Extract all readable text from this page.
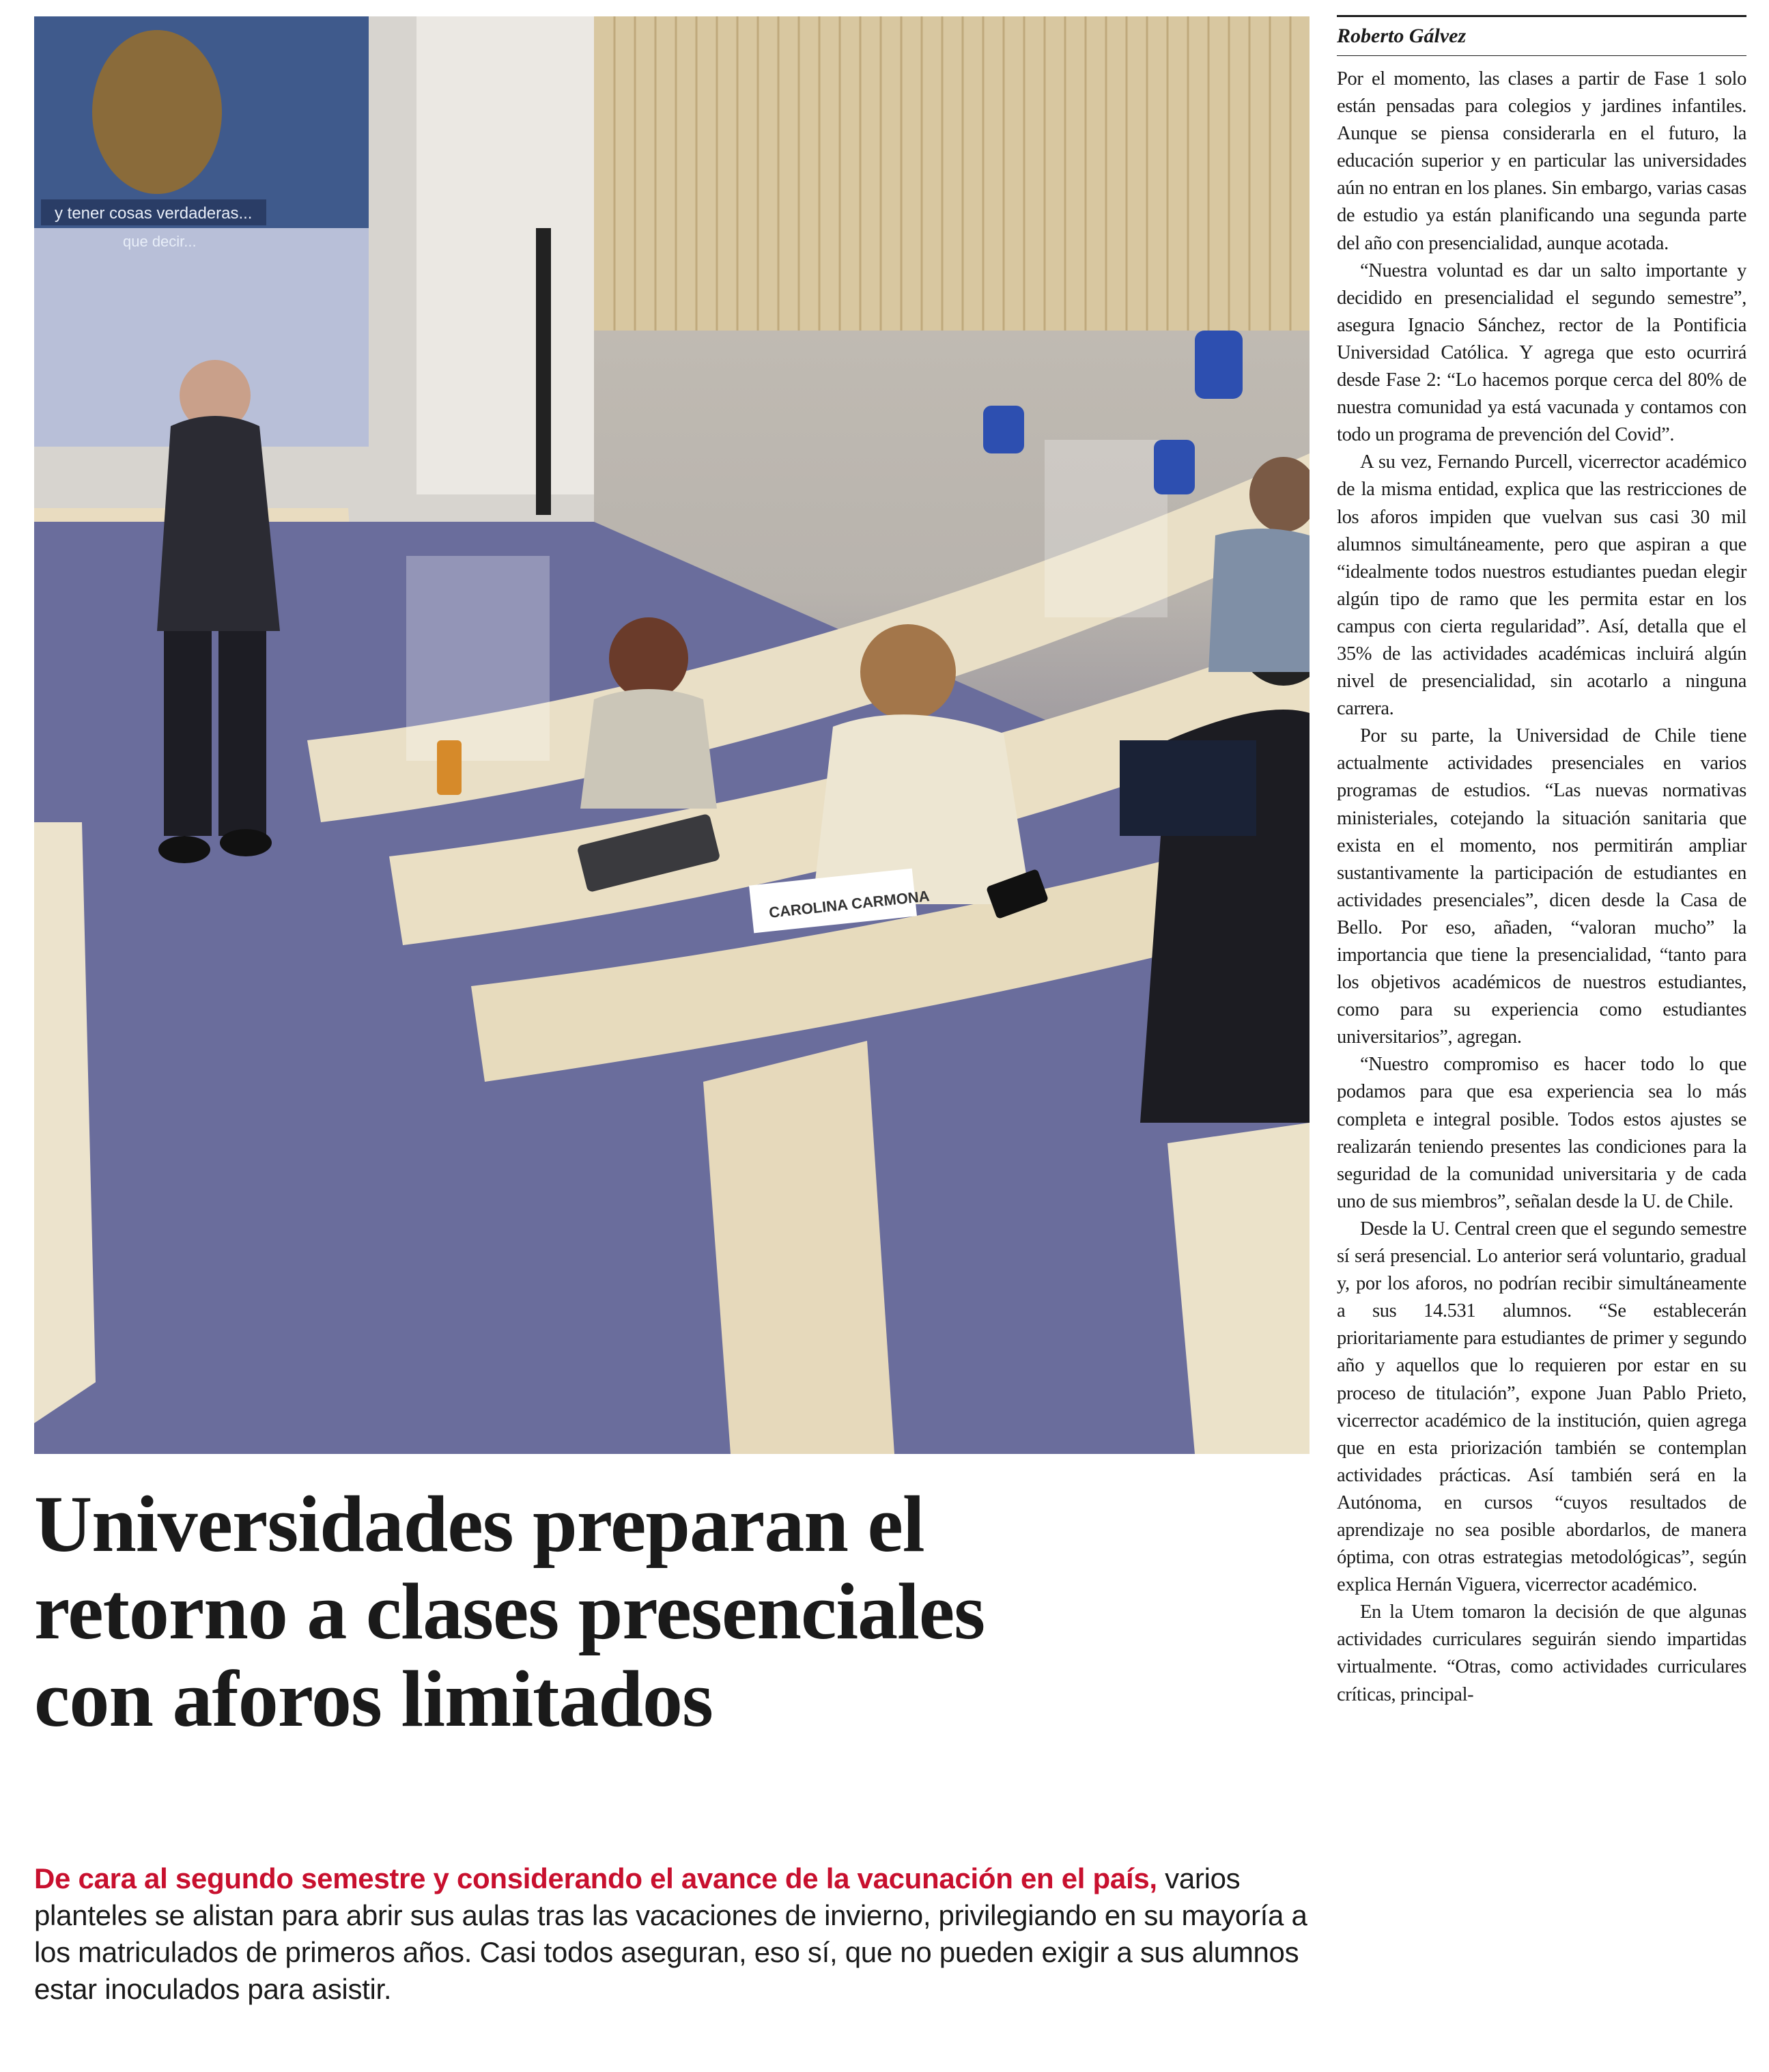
y tener cosas verdaderas...
que decir...
CAROLINA CARMONA
Universidades preparan el
retorno a clases presenciales
con aforos limitados

De cara al segundo semestre y considerando el avance de la vacunación en el país, varios planteles se alistan para abrir sus aulas tras las vacaciones de invierno, privilegiando en su mayoría a los matriculados de primeros años. Casi todos aseguran, eso sí, que no pueden exigir a sus alumnos estar inoculados para asistir.

Roberto Gálvez

Por el momento, las clases a partir de Fase 1 solo están pensadas para colegios y jardines infantiles. Aunque se piensa considerarla en el futuro, la educación superior y en particular las universidades aún no entran en los planes. Sin embargo, varias casas de estudio ya están planificando una segunda parte del año con presencialidad, aunque acotada.

“Nuestra voluntad es dar un salto importante y decidido en presencialidad el segundo semestre”, asegura Ignacio Sánchez, rector de la Pontificia Universidad Católica. Y agrega que esto ocurrirá desde Fase 2: “Lo hacemos porque cerca del 80% de nuestra comunidad ya está vacunada y contamos con todo un programa de prevención del Covid”.

A su vez, Fernando Purcell, vicerrector académico de la misma entidad, explica que las restricciones de los aforos impiden que vuelvan sus casi 30 mil alumnos simultáneamente, pero que aspiran a que “idealmente todos nuestros estudiantes puedan elegir algún tipo de ramo que les permita estar en los campus con cierta regularidad”. Así, detalla que el 35% de las actividades académicas incluirá algún nivel de presencialidad, sin acotarlo a ninguna carrera.

Por su parte, la Universidad de Chile tiene actualmente actividades presenciales en varios programas de estudios. “Las nuevas normativas ministeriales, cotejando la situación sanitaria que exista en el momento, nos permitirán ampliar sustantivamente la participación de estudiantes en actividades presenciales”, dicen desde la Casa de Bello. Por eso, añaden, “valoran mucho” la importancia que tiene la presencialidad, “tanto para los objetivos académicos de nuestros estudiantes, como para su experiencia como estudiantes universitarios”, agregan.

“Nuestro compromiso es hacer todo lo que podamos para que esa experiencia sea lo más completa e integral posible. Todos estos ajustes se realizarán teniendo presentes las condiciones para la seguridad de la comunidad universitaria y de cada uno de sus miembros”, señalan desde la U. de Chile.

Desde la U. Central creen que el segundo semestre sí será presencial. Lo anterior será voluntario, gradual y, por los aforos, no podrían recibir simultáneamente a sus 14.531 alumnos. “Se establecerán prioritariamente para estudiantes de primer y segundo año y aquellos que lo requieren por estar en su proceso de titulación”, expone Juan Pablo Prieto, vicerrector académico de la institución, quien agrega que en esta priorización también se contemplan actividades prácticas. Así también será en la Autónoma, en cursos “cuyos resultados de aprendizaje no sea posible abordarlos, de manera óptima, con otras estrategias metodológicas”, según explica Hernán Viguera, vicerrector académico.

En la Utem tomaron la decisión de que algunas actividades curriculares seguirán siendo impartidas virtualmente. “Otras, como actividades curriculares críticas, principal-
